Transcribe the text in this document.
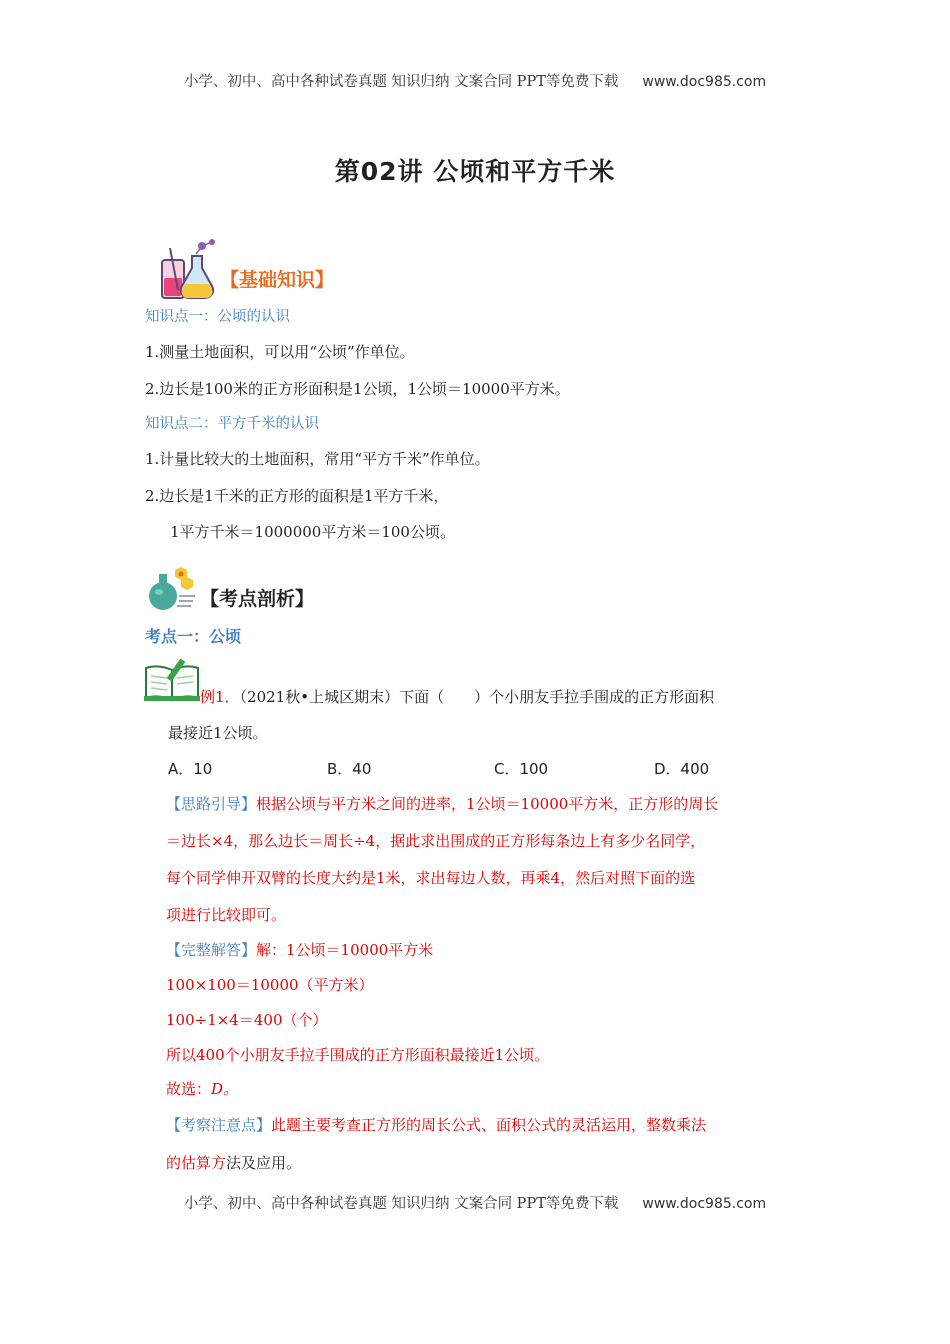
小学、初中、高中各种试卷真题 知识归纳 文案合同 PPT等免费下载 www.doc985.com
第02讲 公顷和平方千米
【基础知识】
知识点一：公顷的认识
1.测量土地面积，可以用“公顷”作单位。
2.边长是100米的正方形面积是1公顷，1公顷＝10000平方米。
知识点二：平方千米的认识
1.计量比较大的土地面积，常用“平方千米”作单位。
2.边长是1千米的正方形的面积是1平方千米，
1平方千米＝1000000平方米＝100公顷。
【考点剖析】
考点一：公顷
例1．（2021秋•上城区期末）下面（　　）个小朋友手拉手围成的正方形面积
最接近1公顷。
A．10	B．40	C．100	D．400
【思路引导】根据公顷与平方米之间的进率，1公顷＝10000平方米，正方形的周长
＝边长×4，那么边长＝周长÷4，据此求出围成的正方形每条边上有多少名同学，
每个同学伸开双臂的长度大约是1米，求出每边人数，再乘4，然后对照下面的选
项进行比较即可。
【完整解答】解：1公顷＝10000平方米
100×100＝10000（平方米）
100÷1×4＝400（个）
所以400个小朋友手拉手围成的正方形面积最接近1公顷。
故选：D。
【考察注意点】此题主要考查正方形的周长公式、面积公式的灵活运用，整数乘法
的估算方法及应用。
小学、初中、高中各种试卷真题 知识归纳 文案合同 PPT等免费下载 www.doc985.com
